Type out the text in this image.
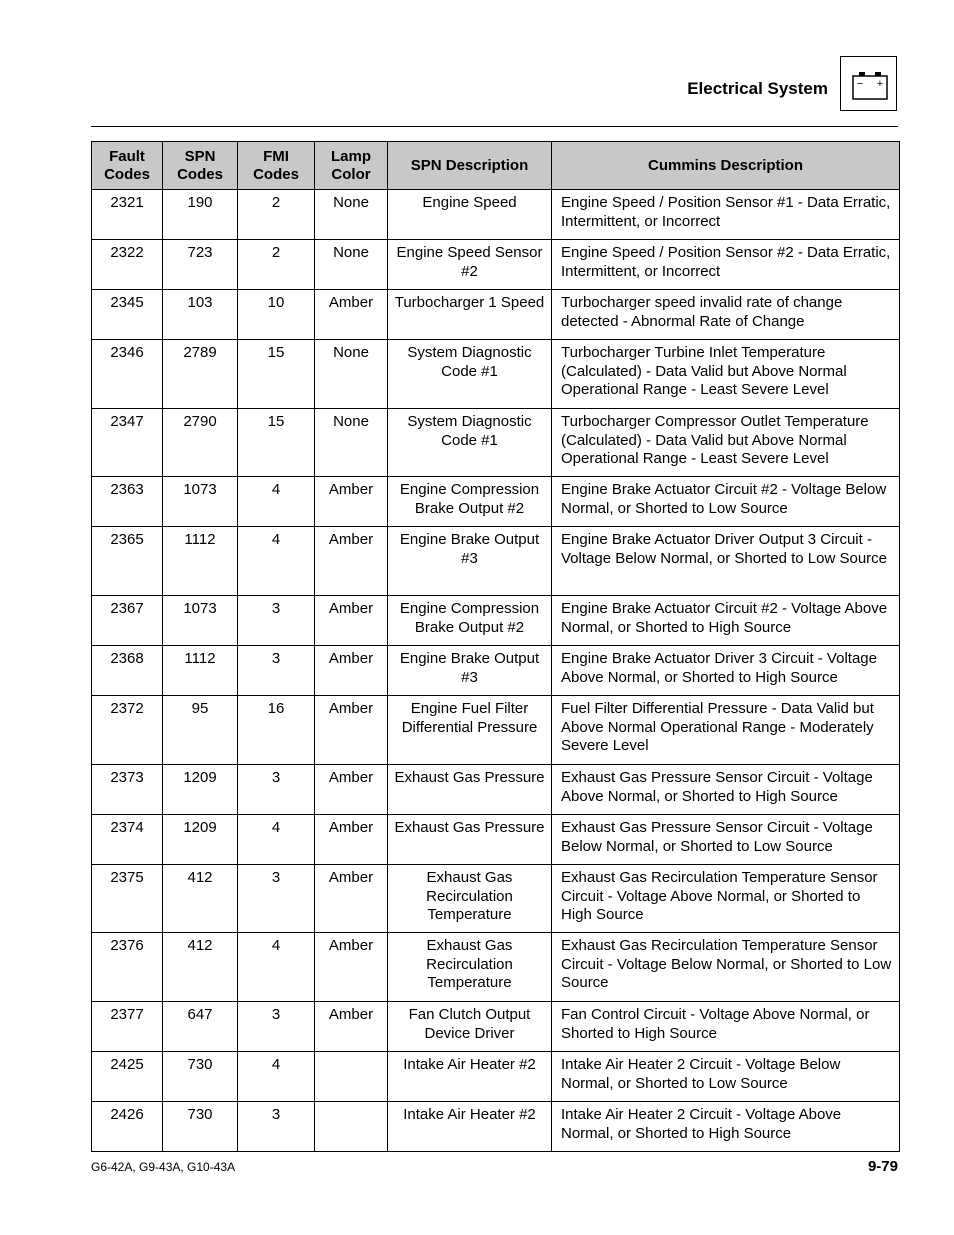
Electrical System	− +
Fault Codes	SPN Codes	FMI Codes	Lamp Color	SPN Description	Cummins Description
2321	190	2	None	Engine Speed	Engine Speed / Position Sensor #1 - Data Erratic, Intermittent, or Incorrect
2322	723	2	None	Engine Speed Sensor #2	Engine Speed / Position Sensor #2 - Data Erratic, Intermittent, or Incorrect
2345	103	10	Amber	Turbocharger 1 Speed	Turbocharger speed invalid rate of change detected - Abnormal Rate of Change
2346	2789	15	None	System Diagnostic Code #1	Turbocharger Turbine Inlet Temperature (Calculated) - Data Valid but Above Normal Operational Range - Least Severe Level
2347	2790	15	None	System Diagnostic Code #1	Turbocharger Compressor Outlet Temperature (Calculated) - Data Valid but Above Normal Operational Range - Least Severe Level
2363	1073	4	Amber	Engine Compression Brake Output #2	Engine Brake Actuator Circuit #2 - Voltage Below Normal, or Shorted to Low Source
2365	1112	4	Amber	Engine Brake Output #3	Engine Brake Actuator Driver Output 3 Circuit - Voltage Below Normal, or Shorted to Low Source
2367	1073	3	Amber	Engine Compression Brake Output #2	Engine Brake Actuator Circuit #2 - Voltage Above Normal, or Shorted to High Source
2368	1112	3	Amber	Engine Brake Output #3	Engine Brake Actuator Driver 3 Circuit - Voltage Above Normal, or Shorted to High Source
2372	95	16	Amber	Engine Fuel Filter Differential Pressure	Fuel Filter Differential Pressure - Data Valid but Above Normal Operational Range - Moderately Severe Level
2373	1209	3	Amber	Exhaust Gas Pressure	Exhaust Gas Pressure Sensor Circuit - Voltage Above Normal, or Shorted to High Source
2374	1209	4	Amber	Exhaust Gas Pressure	Exhaust Gas Pressure Sensor Circuit - Voltage Below Normal, or Shorted to Low Source
2375	412	3	Amber	Exhaust Gas Recirculation Temperature	Exhaust Gas Recirculation Temperature Sensor Circuit - Voltage Above Normal, or Shorted to High Source
2376	412	4	Amber	Exhaust Gas Recirculation Temperature	Exhaust Gas Recirculation Temperature Sensor Circuit - Voltage Below Normal, or Shorted to Low Source
2377	647	3	Amber	Fan Clutch Output Device Driver	Fan Control Circuit - Voltage Above Normal, or Shorted to High Source
2425	730	4		Intake Air Heater #2	Intake Air Heater 2 Circuit - Voltage Below Normal, or Shorted to Low Source
2426	730	3		Intake Air Heater #2	Intake Air Heater 2 Circuit - Voltage Above Normal, or Shorted to High Source
G6-42A, G9-43A, G10-43A	9-79
